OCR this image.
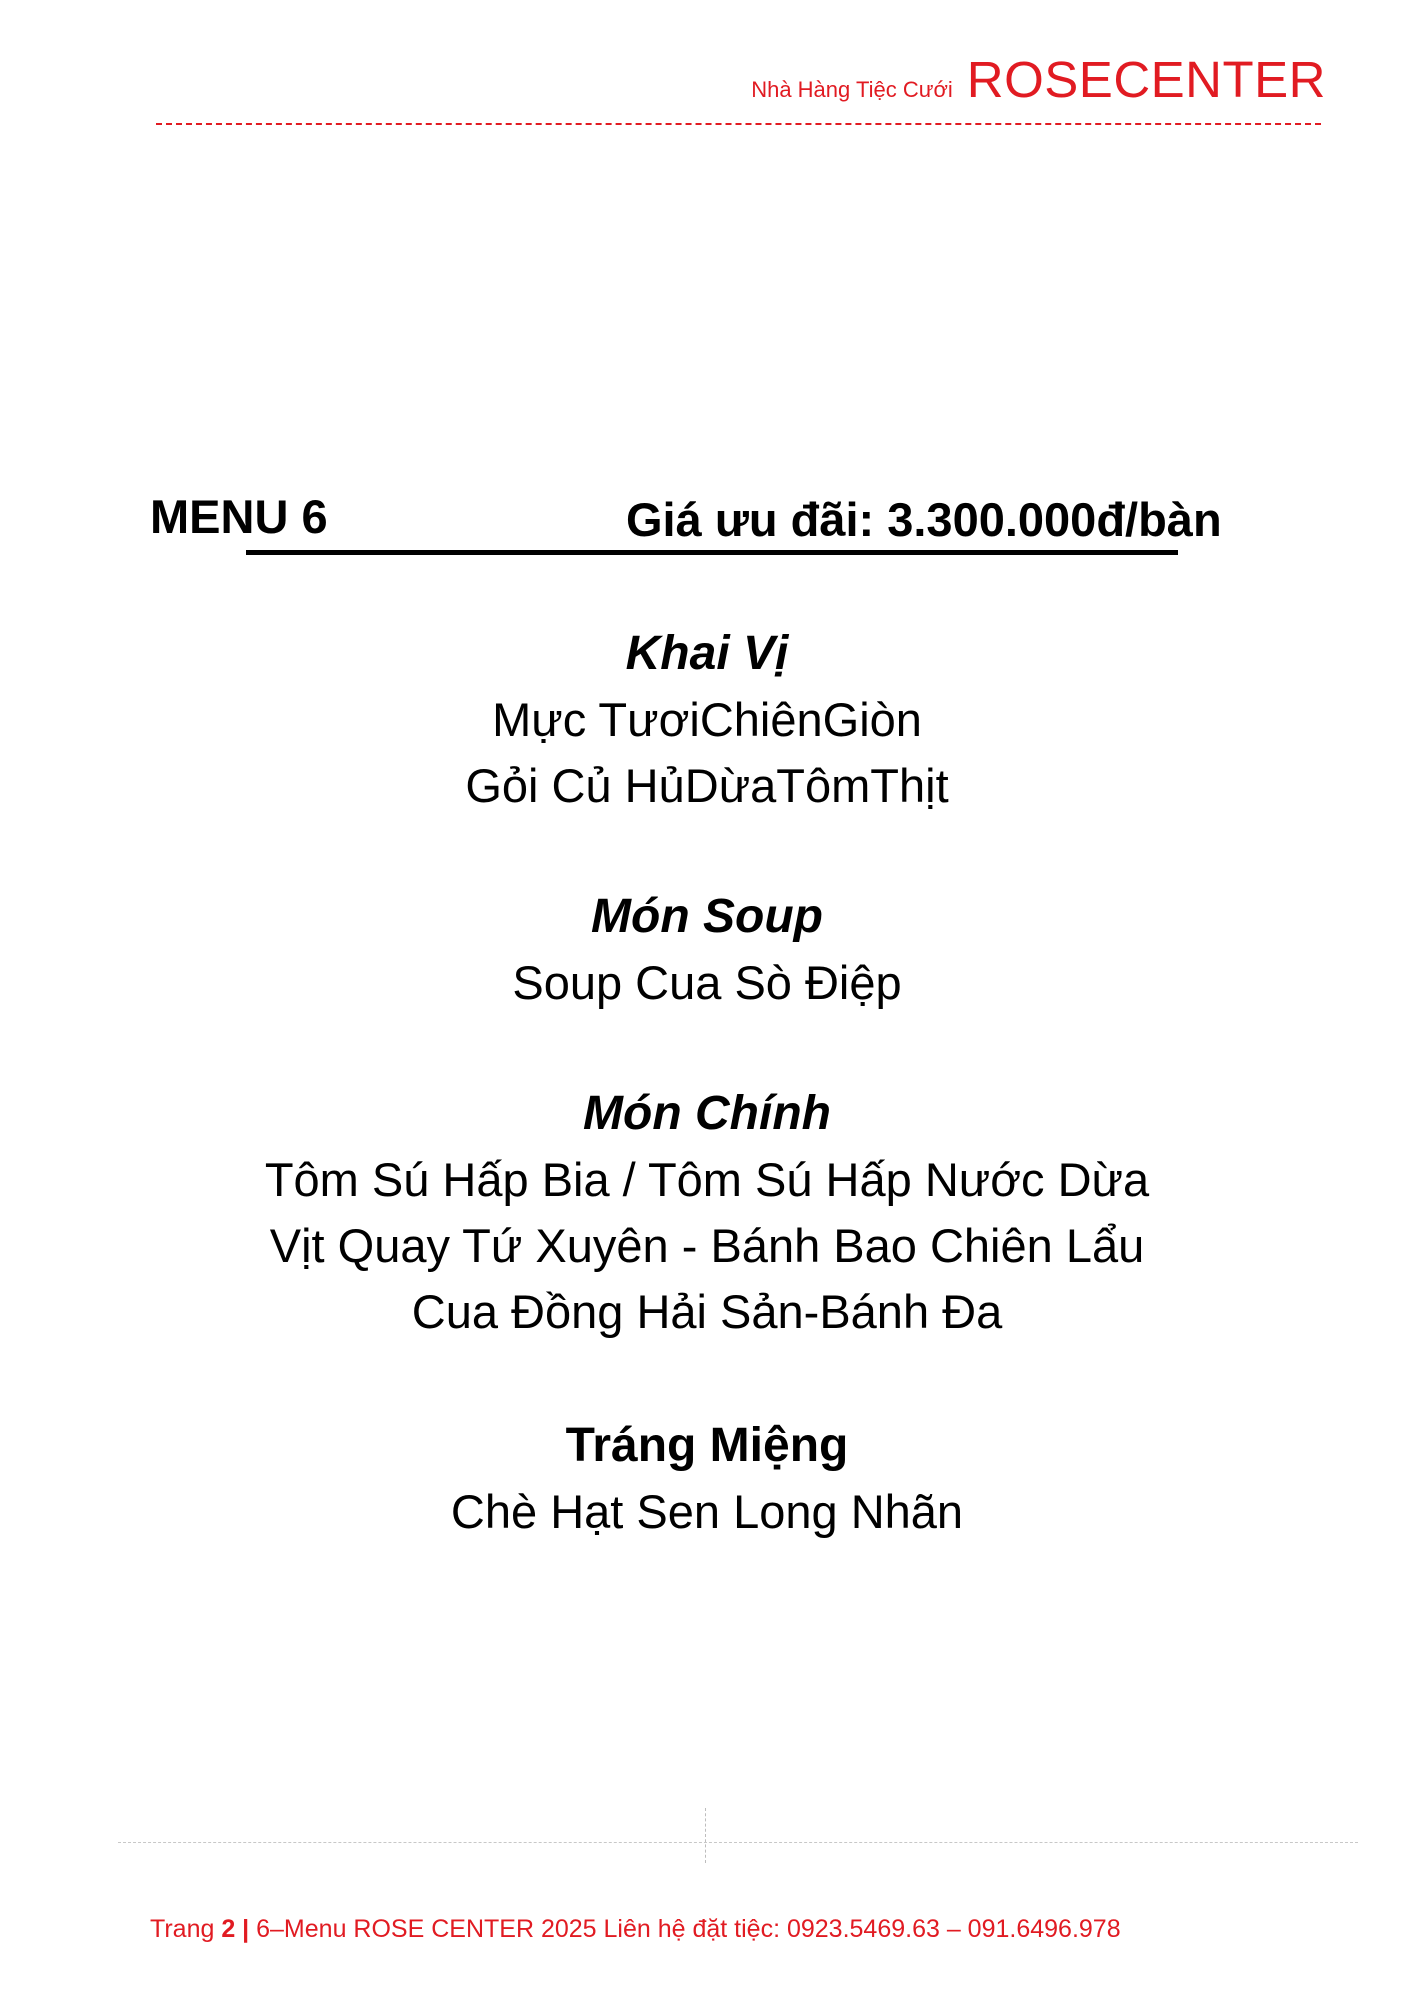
Nhà Hàng Tiệc Cưới ROSECENTER
MENU 6	Giá ưu đãi: 3.300.000đ/bàn
Khai Vị
Mực TươiChiênGiòn
Gỏi Củ HủDừaTômThịt
Món Soup
Soup Cua Sò Điệp
Món Chính
Tôm Sú Hấp Bia / Tôm Sú Hấp Nước Dừa
Vịt Quay Tứ Xuyên - Bánh Bao Chiên Lẩu
Cua Đồng Hải Sản-Bánh Đa
Tráng Miệng
Chè Hạt Sen Long Nhãn
Trang 2 | 6–Menu ROSE CENTER 2025 Liên hệ đặt tiệc: 0923.5469.63 – 091.6496.978
